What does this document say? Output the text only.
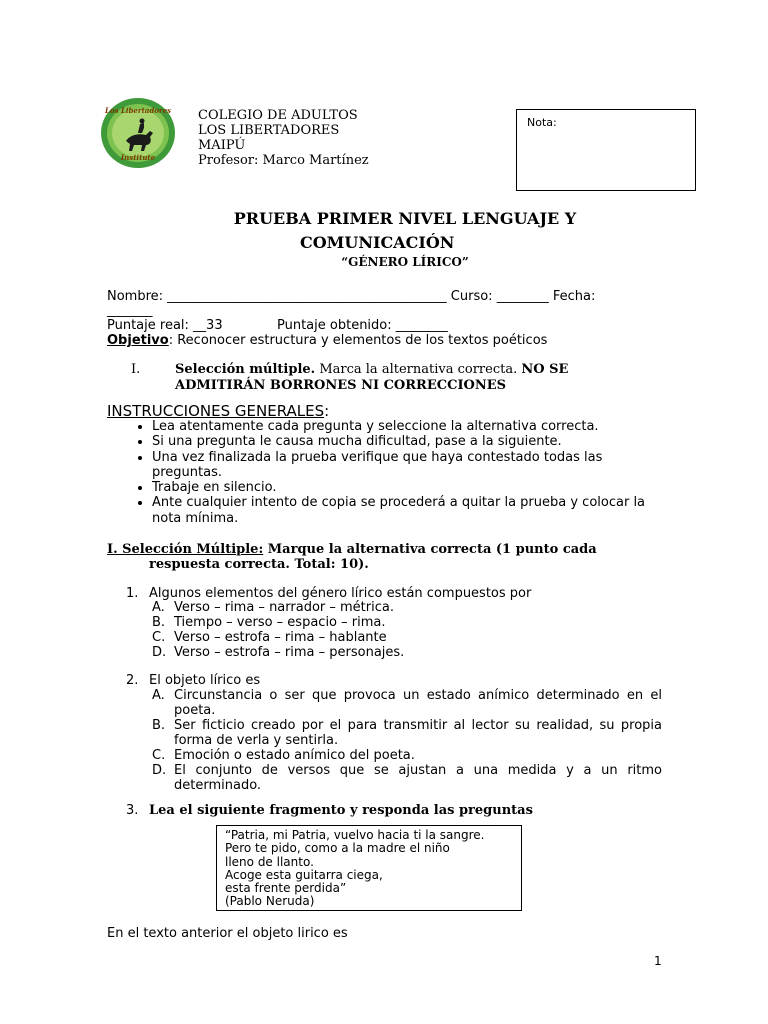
Los Libertadores
Institute
COLEGIO DE ADULTOS
LOS LIBERTADORES
MAIPÚ
Profesor: Marco Martínez
Nota:
PRUEBA PRIMER NIVEL LENGUAJE Y
COMUNICACIÓN
“GÉNERO LÍRICO”
Nombre: ___________________________________________ Curso: ________ Fecha:
_______
Puntaje real: __33	Puntaje obtenido: ________
Objetivo: Reconocer estructura y elementos de los textos poéticos
I.	Selección múltiple. Marca la alternativa correcta. NO SE
ADMITIRÁN BORRONES NI CORRECCIONES
INSTRUCCIONES GENERALES:
• Lea atentamente cada pregunta y seleccione la alternativa correcta.
• Si una pregunta le causa mucha dificultad, pase a la siguiente.
• Una vez finalizada la prueba verifique que haya contestado todas las preguntas.
• Trabaje en silencio.
• Ante cualquier intento de copia se procederá a quitar la prueba y colocar la nota mínima.
I. Selección Múltiple: Marque la alternativa correcta (1 punto cada
respuesta correcta. Total: 10).
1. Algunos elementos del género lírico están compuestos por
A. Verso – rima – narrador – métrica.
B. Tiempo – verso – espacio – rima.
C. Verso – estrofa – rima – hablante
D. Verso – estrofa – rima – personajes.
2. El objeto lírico es
A. Circunstancia o ser que provoca un estado anímico determinado en el poeta.
B. Ser ficticio creado por el para transmitir al lector su realidad, su propia forma de verla y sentirla.
C. Emoción o estado anímico del poeta.
D. El conjunto de versos que se ajustan a una medida y a un ritmo determinado.
3. Lea el siguiente fragmento y responda las preguntas
“Patria, mi Patria, vuelvo hacia ti la sangre.
Pero te pido, como a la madre el niño
lleno de llanto.
Acoge esta guitarra ciega,
esta frente perdida”
(Pablo Neruda)
En el texto anterior el objeto lirico es
1
